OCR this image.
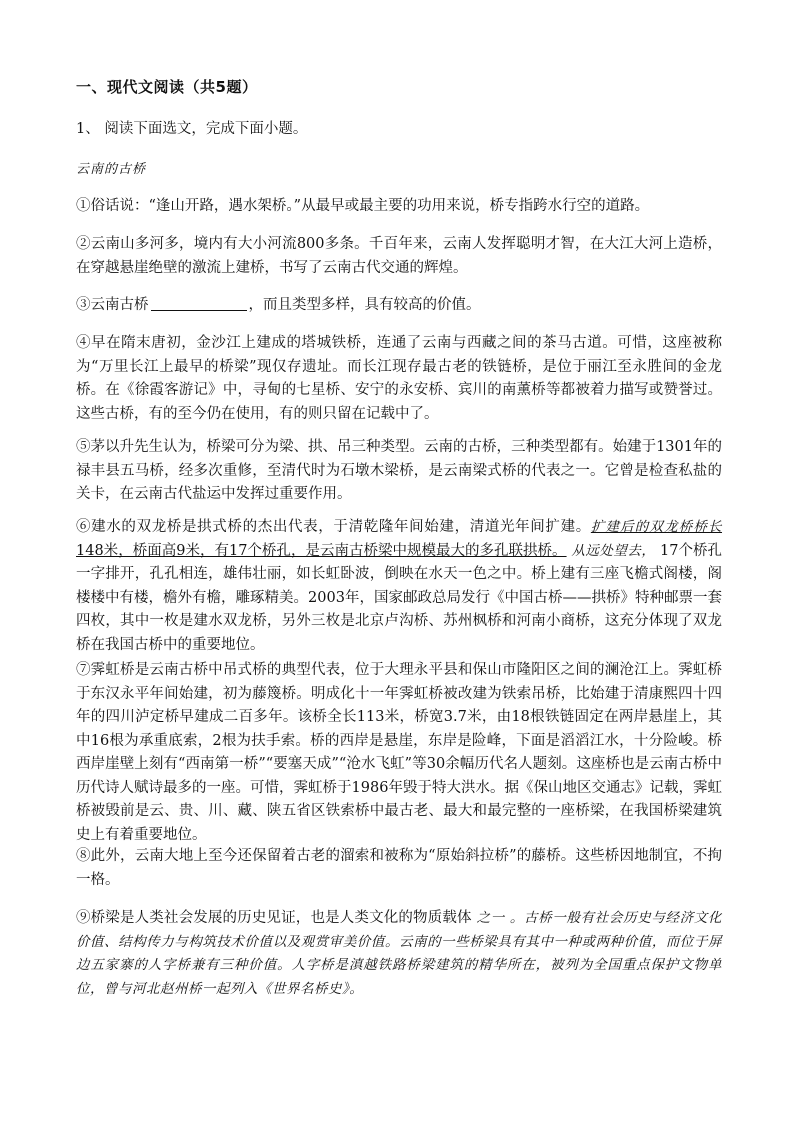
一、现代文阅读（共5题）
1、 阅读下面选文，完成下面小题。
云南的古桥
①俗话说：“逢山开路，遇水架桥。”从最早或最主要的功用来说，桥专指跨水行空的道路。
②云南山多河多，境内有大小河流800多条。千百年来，云南人发挥聪明才智，在大江大河上造桥，在穿越悬崖绝壁的激流上建桥，书写了云南古代交通的辉煌。
③云南古桥	，而且类型多样，具有较高的价值。
④早在隋末唐初，金沙江上建成的塔城铁桥，连通了云南与西藏之间的茶马古道。可惜，这座被称为“万里长江上最早的桥梁”现仅存遗址。而长江现存最古老的铁链桥，是位于丽江至永胜间的金龙桥。在《徐霞客游记》中，寻甸的七星桥、安宁的永安桥、宾川的南薰桥等都被着力描写或赞誉过。这些古桥，有的至今仍在使用，有的则只留在记载中了。
⑤茅以升先生认为，桥梁可分为梁、拱、吊三种类型。云南的古桥，三种类型都有。始建于1301年的禄丰县五马桥，经多次重修，至清代时为石墩木梁桥，是云南梁式桥的代表之一。它曾是检查私盐的关卡，在云南古代盐运中发挥过重要作用。
⑥建水的双龙桥是拱式桥的杰出代表，于清乾隆年间始建，清道光年间扩建。扩建后的双龙桥桥长 148米，桥面高9米，有17个桥孔，是云南古桥梁中规模最大的多孔联拱桥。 从远处望去， 17个桥孔一字排开，孔孔相连，雄伟壮丽，如长虹卧波，倒映在水天一色之中。桥上建有三座飞檐式阁楼，阁楼楼中有楼，檐外有檐，雕琢精美。2003年，国家邮政总局发行《中国古桥——拱桥》特种邮票一套四枚，其中一枚是建水双龙桥，另外三枚是北京卢沟桥、苏州枫桥和河南小商桥，这充分体现了双龙桥在我国古桥中的重要地位。
⑦霁虹桥是云南古桥中吊式桥的典型代表，位于大理永平县和保山市隆阳区之间的澜沧江上。霁虹桥于东汉永平年间始建，初为藤篾桥。明成化十一年霁虹桥被改建为铁索吊桥，比始建于清康熙四十四年的四川泸定桥早建成二百多年。该桥全长113米，桥宽3.7米，由18根铁链固定在两岸悬崖上，其中16根为承重底索，2根为扶手索。桥的西岸是悬崖，东岸是险峰，下面是滔滔江水，十分险峻。桥西岸崖壁上刻有“西南第一桥”“要塞天成”“沧水飞虹”等30余幅历代名人题刻。这座桥也是云南古桥中历代诗人赋诗最多的一座。可惜，霁虹桥于1986年毁于特大洪水。据《保山地区交通志》记载，霁虹桥被毁前是云、贵、川、藏、陕五省区铁索桥中最古老、最大和最完整的一座桥梁，在我国桥梁建筑史上有着重要地位。
⑧此外，云南大地上至今还保留着古老的溜索和被称为“原始斜拉桥”的藤桥。这些桥因地制宜，不拘一格。
⑨桥梁是人类社会发展的历史见证，也是人类文化的物质载体 之一 。古桥一般有社会历史与经济文化价值、结构传力与构筑技术价值以及观赏审美价值。云南的一些桥梁具有其中一种或两种价值，而位于屏边五家寨的人字桥兼有三种价值。人字桥是滇越铁路桥梁建筑的精华所在，被列为全国重点保护文物单位，曾与河北赵州桥一起列入《世界名桥史》。
